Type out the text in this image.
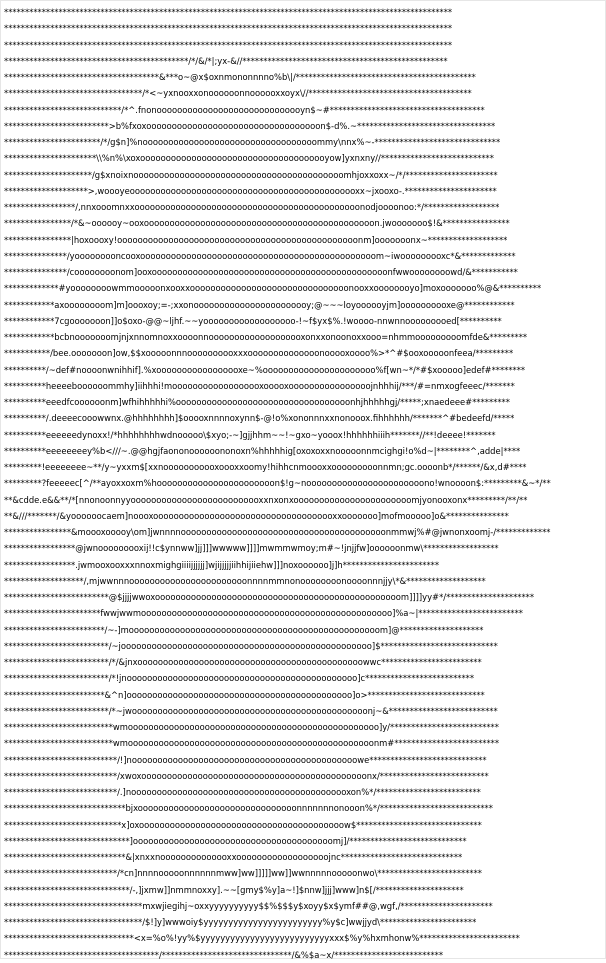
***********************************************************************************************************
***********************************************************************************************************
***********************************************************************************************************
********************************************/*/&/*|;yx-&//*************************************************
*************************************&***o~@x$oxnmononnnno%b\|/*******************************************
*********************************/*<~yxnooxxonoooooonnoooooxxoyx\//***************************************
****************************/*^.fnonooooooooooooooooooooooooooooyn$~#*************************************
*************************>b%fxoxoooooooooooooooooooooooooooooooooon$-d%.~*********************************
***********************/*/g$n]%noooooooooooooooooooooooooooooooooommy\nnx%~-******************************
**********************\\%n%\xoxooooooooooooooooooooooooooooooooooooyow]yxnxny//***************************
*********************/g$xnoixnooooooooooooooooooooooooooooooooooooooooomhjoxxoxx~/*/**********************
********************>,woooyeooooooooooooooooooooooooooooooooooooooooooooxx~jxooxo-.**********************
*****************/,nnxooomnxxoooooooooooooooooooooooooooooooooooooooooooonodjoooonoo:*/******************
****************/*&~oooooy~ooxooooooooooooooooooooooooooooooooooooooooooooon.jwooooooo$!&****************
****************|hoxoooxy!ooooooooooooooooooooooooooooooooooooooooooooooonm]ooooooonx~*******************
***************/yooooooooncooxoooooooooooooooooooooooooooooooooooooooooooooom~iwooooooooxc*&*************
***************/coooooooonom]ooxoooooooooooooooooooooooooooooooooooooooooooooonfwwoooooooowd/&***********
*************#yoooooooowmmooooonxooxxooooooooooooooooooooooooooooooonooxxoooooooyo]moxooooooo%@&**********
************axoooooooom]m]oooxoy;=-;xxonooooooooooooooooooooooy;@~~~loyoooooyjm]oooooooooxe@************
************7cgooooooon]]o$oxo-@@~ljhf.~~yoooooooooooooooooo-!~f$yx$%.!woooo-nnwnnooooooooed[**********
************bcbnooooooomjnjxnnomnoxxoooonnooooooooooooooooooxonxxonoonoxxooo=nhmmooooooooomfde&*********
***********/bee.ooooooon]ow,$$xooooonnnoooooooooxxxoooooooooooooonooooxoooo%>*^#$ooxooooonfeea/*********
**********/~def#noooonwnihhif].%xooooooooooooooooxe~%oooooooooooooooooooooo%f[wn~*/*#$xooooo]edef#********
**********heeeeboooooommhy]iihhhi!moooooooooooooooooxooooxoooooooooooooooojnhhhij/***/#=nmxogfeeec/*******
**********eeedfcoooooonm]wfhihhhhhi%oooooooooooooooooooooooooooooooooonhjhhhhhgj/*****;xnaedeee#*********
**********/.deeeecooowwnx.@hhhhhhhh]$ooooxnnnnoxynn$-@!o%xononnnxxnonooox.fihhhhhh/*******^#bedeefd/*****
**********eeeeeedynoxx!/*hhhhhhhhwdnooooo\$xyo;-~]gjjhhm~~!~gxo~yooox!hhhhhhiiih*******//**!deeee!*******
**********eeeeeeeey%b<///~.@@hgjfaononoooooononoxn%hhhhhig[oxoxoxxnooooonnmcighgi!o%d~|********^,adde|****
*********!eeeeeeee~**/y~yxxm$[xxnooooooooooxoooxxoomy!hihhcnmoooxxooooooooonnmn;gc.oooonb*/******/&x,d#****
*********?feeeeec[^/**ayoxxoxm%hooooooooooooooooooooooon$!g~nooooooooooooooooooooooono!wnoooon$:*********&~*/**
**&cdde.e&&**/*[nnonoonnyyoooooooooooooooooooooooooxxnxonxooooooooooooooooooooooomjyonooxonx*********/**/**
**&///*******/&yoooooocaem]noooxoooooooooooooooooooooooooooooooooooxxooooooo]mofmooooo]o&***************
****************&moooxooooy\om]jwnnnnoooooooooooooooooooooooooooooooooooooooonmmwj%#@jwnonxoomj-/*************
*****************@jwnooooooooxij!!c$ynnww]jj]]]wwwww]]]]mwmmwmoy;m#~!jnjjfw]oooooonmw\******************
*****************.jwmooxooxxxnnoxmighgiiiijjjjjj]wjijjjjjiihhijiiehw]]]noxoooooo]j]h***********************
*******************/,mjwwnnnooooooooooooooooooooooonnnnmmnonoooooooonoooonnnjjy\*&*******************
*************************@$jjjjwwoxoooooooooooooooooooooooooooooooooooooooooooooooom]]]]yy#*/*********************
***********************fwwjwwmooooooooooooooooooooooooooooooooooooooooooooooooo]%a~|*************************
************************/~-]mooooooooooooooooooooooooooooooooooooooooooooooooom]@********************
*************************/~jooooooooooooooooooooooooooooooooooooooooooooooooo]$****************************
*************************/*/&jnxoooooooooooooooooooooooooooooooooooooooooooowwc************************
*************************/*!jnooooooooooooooooooooooooooooooooooooooooooooo]c**************************
************************&^n]oooooooooooooooooooooooooooooooooooooooooooo]o>****************************
*************************/*~jwoooooooooooooooooooooooooooooooooooooooooooooonj~&**************************
**************************wmooooooooooooooooooooooooooooooooooooooooooooooooo]y/**************************
**************************wmoooooooooooooooooooooooooooooooooooooooooooooooonm#*************************
***************************/!]noooooooooooooooooooooooooooooooooooooooooooowe****************************
***************************/xwoxoooooooooooooooooooooooooooooooooooooooooooonx/**************************
***************************/.]nooooooooooooooooooooooooooooooooooooooooooxon%*/*************************
*****************************bjxooooooooooooooooooooooooooooooonnnnnnnonooon%*/***************************
****************************x]oxoooooooooooooooooooooooooooooooooooooooow$******************************
******************************]ooooooooooooooooooooooooooooooooooooooomj]/****************************
*****************************&|xnxxnoooooooooooooxxoooooooooooooooooojnc*****************************
***************************/*cn]nnnnooooonnnnnnmww]ww]]]]]ww]]wwnnnnnooooonwo\*************************
******************************/-,]jxmw]]nmmnoxxy].~~[gmy$%y]a~!]$nnw]jjj]www]n$[/*********************
*********************************mxwjiegihj~oxxyyyyyyyyyy$$%$$$y$xoyy$x$ymf##@,wgf,/**********************
*********************************/$!]y]wwwoiy$yyyyyyyyyyyyyyyyyyyyyyyy%y$c]wwjjyd\***********************
*******************************<x=%o%!yy%$yyyyyyyyyyyyyyyyyyyyyyyyyyxxx$%y%hxmhonw%************************
*************************************/*******************************/&%$a~x/**************************
